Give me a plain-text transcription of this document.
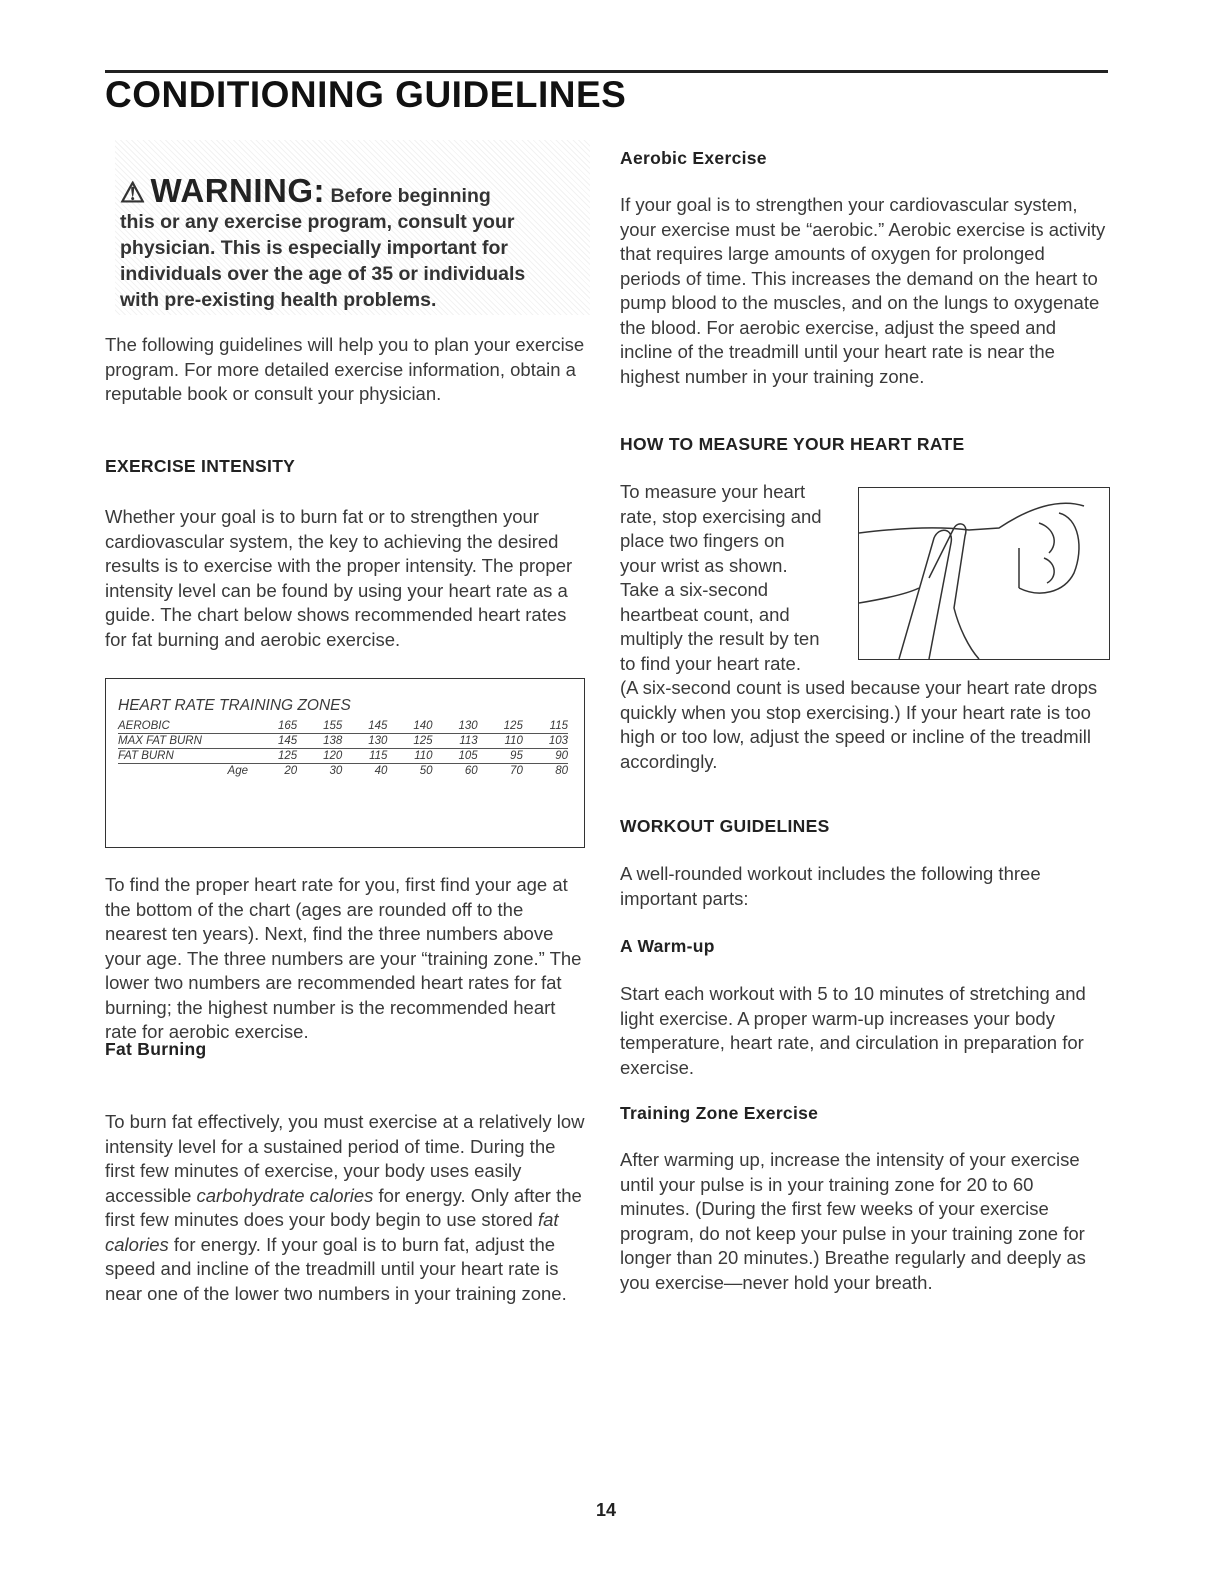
CONDITIONING GUIDELINES

⚠ WARNING: Before beginning
this or any exercise program, consult your physician. This is especially important for individuals over the age of 35 or individuals with pre-existing health problems.

The following guidelines will help you to plan your exercise program. For more detailed exercise information, obtain a reputable book or consult your physician.

EXERCISE INTENSITY

Whether your goal is to burn fat or to strengthen your cardiovascular system, the key to achieving the desired results is to exercise with the proper intensity. The proper intensity level can be found by using your heart rate as a guide. The chart below shows recommended heart rates for fat burning and aerobic exercise.

HEART RATE TRAINING ZONES
AEROBIC	165	155	145	140	130	125	115
MAX FAT BURN	145	138	130	125	113	110	103
FAT BURN	125	120	115	110	105	95	90
Age	20	30	40	50	60	70	80

To find the proper heart rate for you, first find your age at the bottom of the chart (ages are rounded off to the nearest ten years). Next, find the three numbers above your age. The three numbers are your “training zone.” The lower two numbers are recommended heart rates for fat burning; the highest number is the recommended heart rate for aerobic exercise.

Fat Burning

To burn fat effectively, you must exercise at a relatively low intensity level for a sustained period of time. During the first few minutes of exercise, your body uses easily accessible carbohydrate calories for energy. Only after the first few minutes does your body begin to use stored fat calories for energy. If your goal is to burn fat, adjust the speed and incline of the treadmill until your heart rate is near one of the lower two numbers in your training zone.

Aerobic Exercise

If your goal is to strengthen your cardiovascular system, your exercise must be “aerobic.” Aerobic exercise is activity that requires large amounts of oxygen for prolonged periods of time. This increases the demand on the heart to pump blood to the muscles, and on the lungs to oxygenate the blood. For aerobic exercise, adjust the speed and incline of the treadmill until your heart rate is near the highest number in your training zone.

HOW TO MEASURE YOUR HEART RATE

To measure your heart rate, stop exercising and place two fingers on your wrist as shown. Take a six-second heartbeat count, and multiply the result by ten to find your heart rate.

(A six-second count is used because your heart rate drops quickly when you stop exercising.) If your heart rate is too high or too low, adjust the speed or incline of the treadmill accordingly.

WORKOUT GUIDELINES

A well-rounded workout includes the following three important parts:

A Warm-up

Start each workout with 5 to 10 minutes of stretching and light exercise. A proper warm-up increases your body temperature, heart rate, and circulation in preparation for exercise.

Training Zone Exercise

After warming up, increase the intensity of your exercise until your pulse is in your training zone for 20 to 60 minutes. (During the first few weeks of your exercise program, do not keep your pulse in your training zone for longer than 20 minutes.) Breathe regularly and deeply as you exercise—never hold your breath.

14
